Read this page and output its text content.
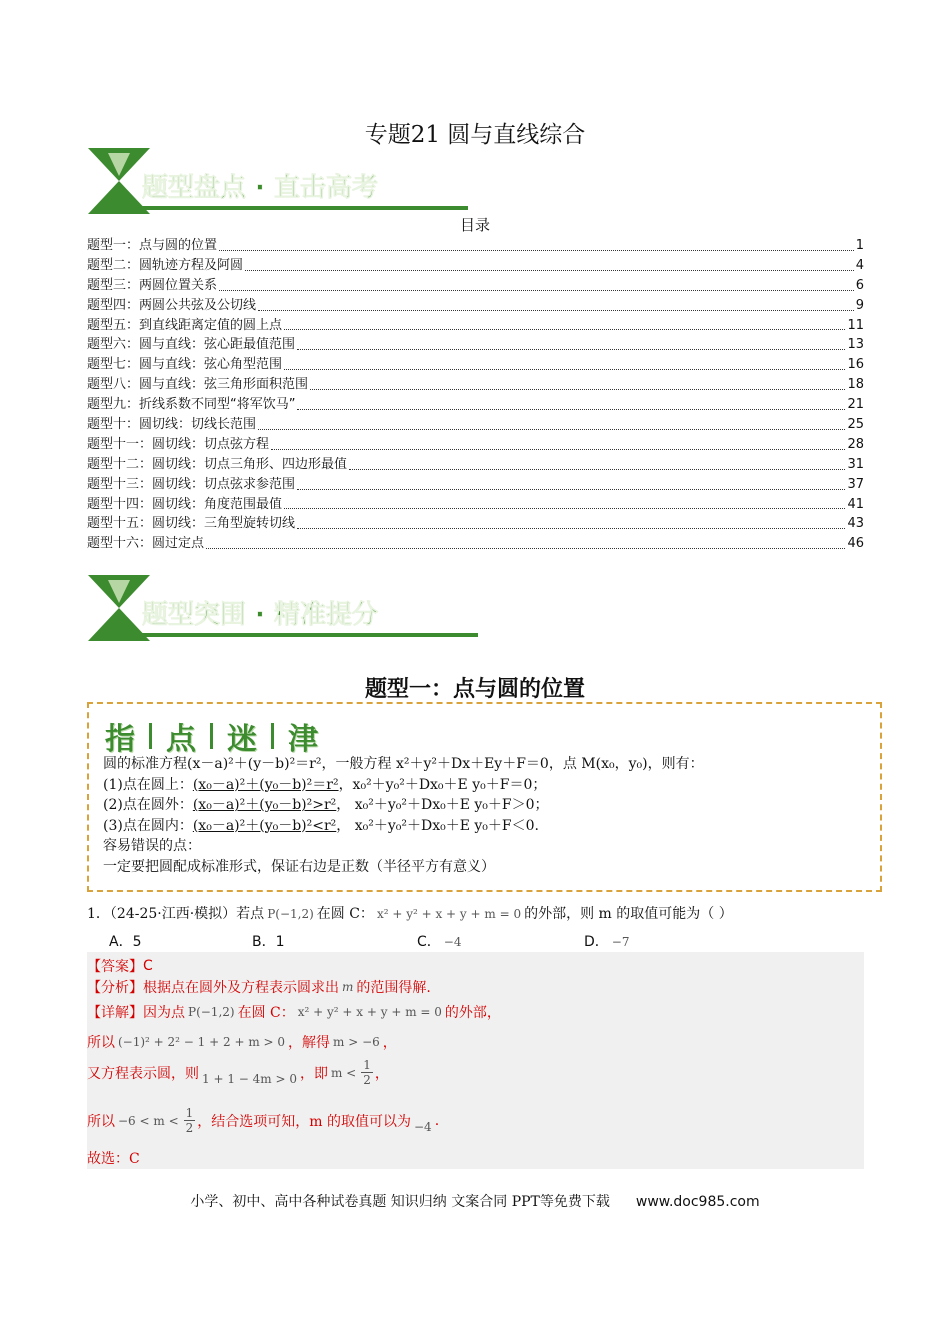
专题21 圆与直线综合
题型盘点 · 直击高考
目录
题型一：点与圆的位置	1
题型二：圆轨迹方程及阿圆	4
题型三：两圆位置关系	6
题型四：两圆公共弦及公切线	9
题型五：到直线距离定值的圆上点	11
题型六：圆与直线：弦心距最值范围	13
题型七：圆与直线：弦心角型范围	16
题型八：圆与直线：弦三角形面积范围	18
题型九：折线系数不同型“将军饮马”	21
题型十：圆切线：切线长范围	25
题型十一：圆切线：切点弦方程	28
题型十二：圆切线：切点三角形、四边形最值	31
题型十三：圆切线：切点弦求参范围	37
题型十四：圆切线：角度范围最值	41
题型十五：圆切线：三角型旋转切线	43
题型十六：圆过定点	46
题型突围 · 精准提分
题型一：点与圆的位置
指 点 迷 津
圆的标准方程(x－a)²＋(y－b)²＝r²，一般方程 x²＋y²＋Dx＋Ey＋F＝0，点 M(x₀，y₀)，则有：
(1)点在圆上：(x₀－a)²＋(y₀－b)²＝r²，x₀²＋y₀²＋Dx₀＋E y₀＋F＝0；
(2)点在圆外：(x₀－a)²＋(y₀－b)²>r²， x₀²＋y₀²＋Dx₀＋E y₀＋F＞0；
(3)点在圆内：(x₀－a)²＋(y₀－b)²<r²， x₀²＋y₀²＋Dx₀＋E y₀＋F＜0.
容易错误的点：
一定要把圆配成标准形式，保证右边是正数（半径平方有意义）
1．（24-25·江西·模拟）若点 P(−1,2) 在圆 C： x² + y² + x + y + m = 0 的外部，则 m 的取值可能为（ ）
A．5	B．1	C． −4	D． −7
【答案】 C
【分析】 根据点在圆外及方程表示圆求出 m 的范围得解.
【详解】 因为点 P(−1,2) 在圆 C： x² + y² + x + y + m = 0 的外部，
所以 (−1)² + 2² − 1 + 2 + m > 0 ，解得 m > −6 ，
又方程表示圆，则 1 + 1 − 4m > 0 ，即 $m < \frac{1}{2}$ ，
所以 $-6 < m < \frac{1}{2}$ ，结合选项可知，m 的取值可以为 −4 .
故选：C
小学、初中、高中各种试卷真题 知识归纳 文案合同 PPT等免费下载 www.doc985.com
